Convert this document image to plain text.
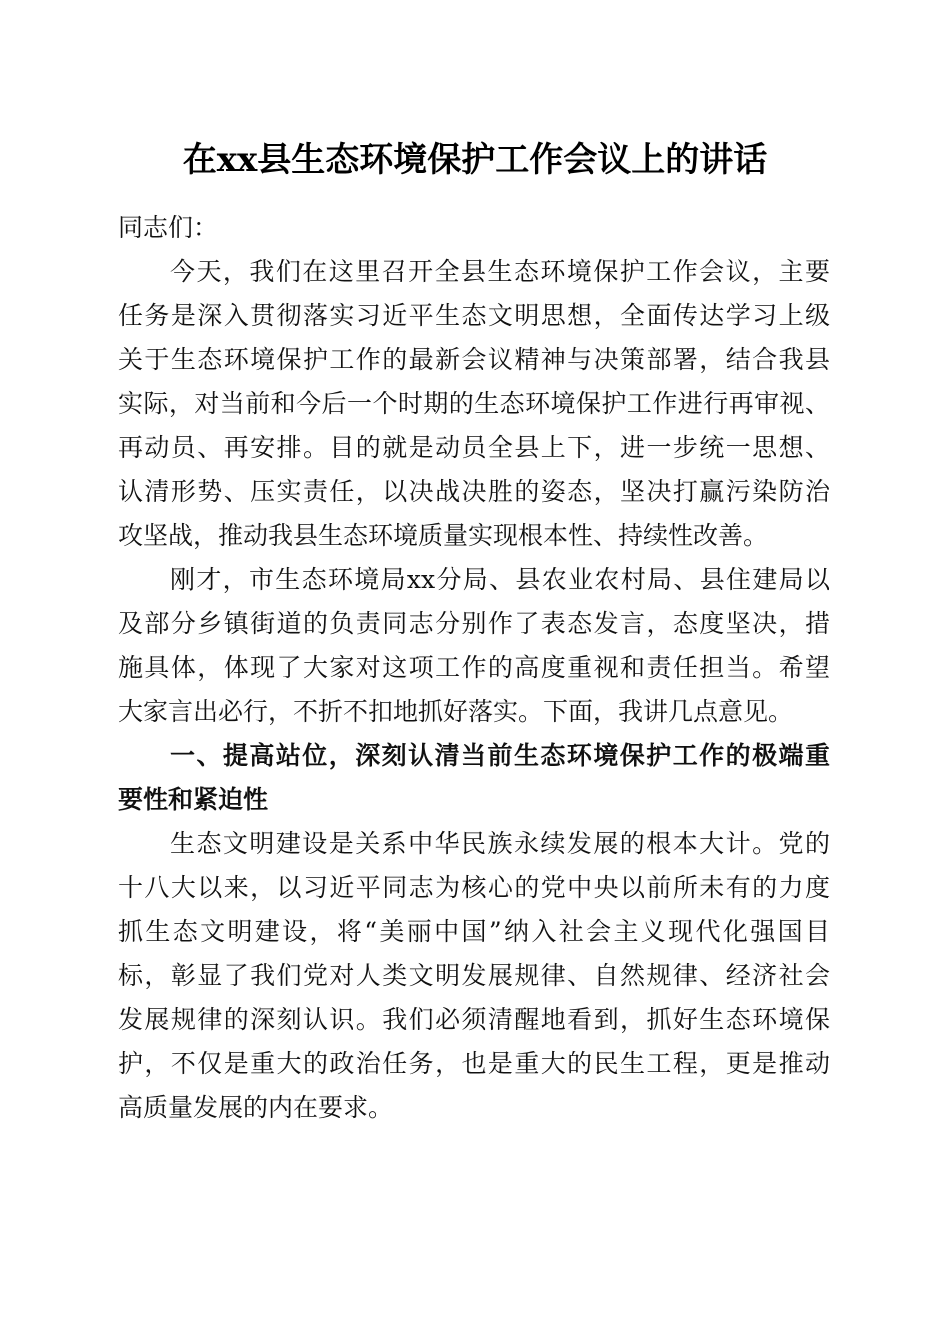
在xx县生态环境保护工作会议上的讲话
同志们：
今天，我们在这里召开全县生态环境保护工作会议，主要
任务是深入贯彻落实习近平生态文明思想，全面传达学习上级
关于生态环境保护工作的最新会议精神与决策部署，结合我县
实际，对当前和今后一个时期的生态环境保护工作进行再审视、
再动员、再安排。目的就是动员全县上下，进一步统一思想、
认清形势、压实责任，以决战决胜的姿态，坚决打赢污染防治
攻坚战，推动我县生态环境质量实现根本性、持续性改善。
刚才，市生态环境局xx分局、县农业农村局、县住建局以
及部分乡镇街道的负责同志分别作了表态发言，态度坚决，措
施具体，体现了大家对这项工作的高度重视和责任担当。希望
大家言出必行，不折不扣地抓好落实。下面，我讲几点意见。
一、提高站位，深刻认清当前生态环境保护工作的极端重
要性和紧迫性
生态文明建设是关系中华民族永续发展的根本大计。党的
十八大以来，以习近平同志为核心的党中央以前所未有的力度
抓生态文明建设，将“美丽中国”纳入社会主义现代化强国目
标，彰显了我们党对人类文明发展规律、自然规律、经济社会
发展规律的深刻认识。我们必须清醒地看到，抓好生态环境保
护，不仅是重大的政治任务，也是重大的民生工程，更是推动
高质量发展的内在要求。
